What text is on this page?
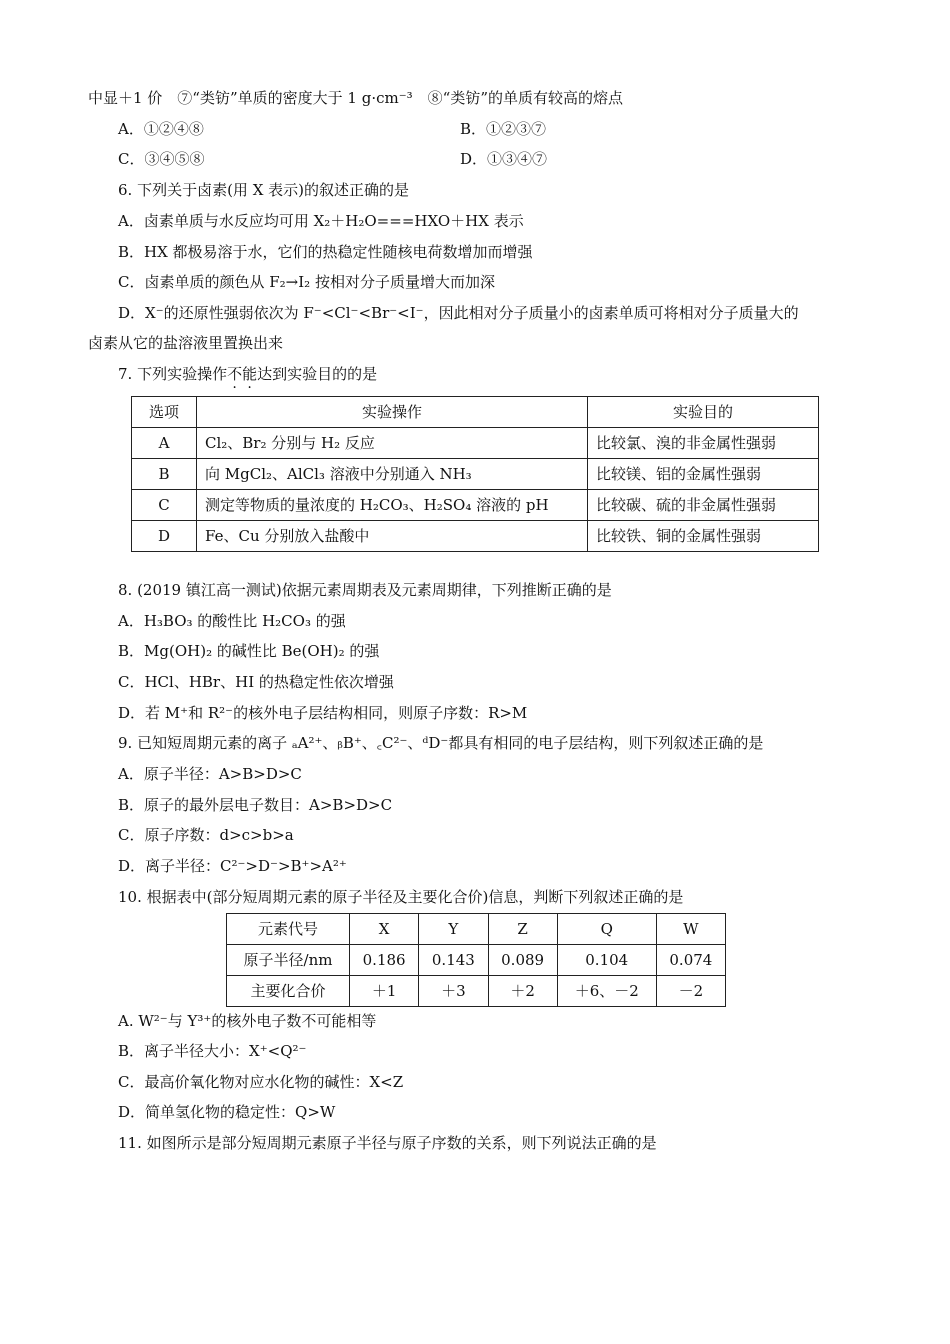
中显＋1 价　⑦“类钫”单质的密度大于 1 g·cm⁻³　⑧“类钫”的单质有较高的熔点
A．①②④⑧	B．①②③⑦
C．③④⑤⑧	D．①③④⑦
6. 下列关于卤素(用 X 表示)的叙述正确的是
A．卤素单质与水反应均可用 X₂＋H₂O===HXO＋HX 表示
B．HX 都极易溶于水，它们的热稳定性随核电荷数增加而增强
C．卤素单质的颜色从 F₂→I₂ 按相对分子质量增大而加深
D．X⁻的还原性强弱依次为 F⁻<Cl⁻<Br⁻<I⁻，因此相对分子质量小的卤素单质可将相对分子质量大的
卤素从它的盐溶液里置换出来
7. 下列实验操作不能达到实验目的的是
选项	实验操作	实验目的
A	Cl₂、Br₂ 分别与 H₂ 反应	比较氯、溴的非金属性强弱
B	向 MgCl₂、AlCl₃ 溶液中分别通入 NH₃	比较镁、铝的金属性强弱
C	测定等物质的量浓度的 H₂CO₃、H₂SO₄ 溶液的 pH	比较碳、硫的非金属性强弱
D	Fe、Cu 分别放入盐酸中	比较铁、铜的金属性强弱
8. (2019 镇江高一测试)依据元素周期表及元素周期律，下列推断正确的是
A．H₃BO₃ 的酸性比 H₂CO₃ 的强
B．Mg(OH)₂ 的碱性比 Be(OH)₂ 的强
C．HCl、HBr、HI 的热稳定性依次增强
D．若 M⁺和 R²⁻的核外电子层结构相同，则原子序数：R>M
9. 已知短周期元素的离子 ₐA²⁺、ᵦB⁺、꜀C²⁻、ᵈD⁻都具有相同的电子层结构，则下列叙述正确的是
A．原子半径：A>B>D>C
B．原子的最外层电子数目：A>B>D>C
C．原子序数：d>c>b>a
D．离子半径：C²⁻>D⁻>B⁺>A²⁺
10. 根据表中(部分短周期元素的原子半径及主要化合价)信息，判断下列叙述正确的是
元素代号	X	Y	Z	Q	W
原子半径/nm	0.186	0.143	0.089	0.104	0.074
主要化合价	＋1	＋3	＋2	＋6、－2	－2
A. W²⁻与 Y³⁺的核外电子数不可能相等
B．离子半径大小：X⁺<Q²⁻
C．最高价氧化物对应水化物的碱性：X<Z
D．简单氢化物的稳定性：Q>W
11. 如图所示是部分短周期元素原子半径与原子序数的关系，则下列说法正确的是
